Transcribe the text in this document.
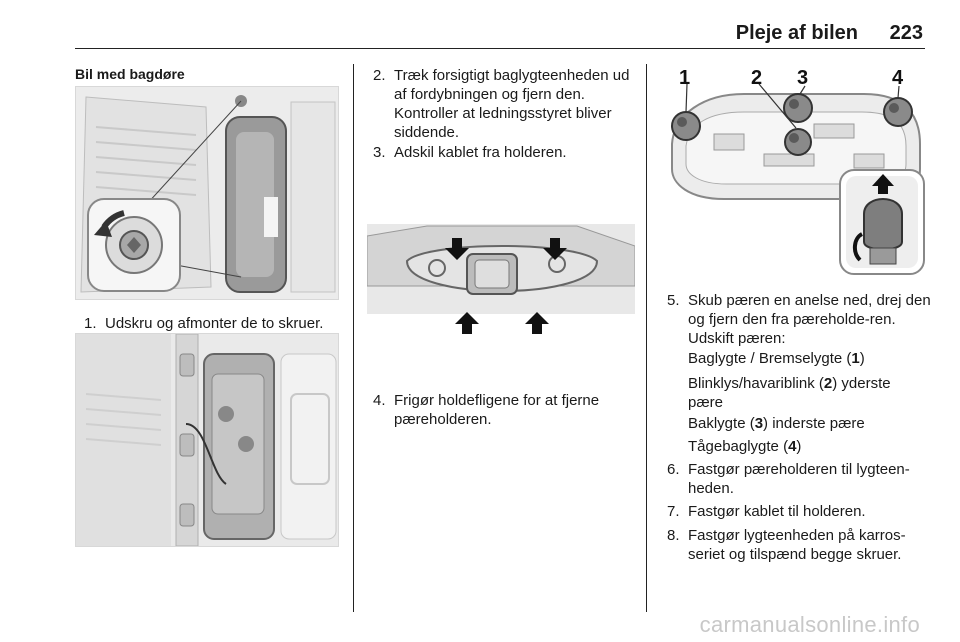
Pleje af bilen 223
Bil med bagdøre
1. Udskru og afmonter de to skruer.
2. Træk forsigtigt baglygteenheden ud af fordybningen og fjern den. Kontroller at ledningsstyret bliver siddende.
3. Adskil kablet fra holderen.
4. Frigør holdefligene for at fjerne pæreholderen.
1	2 3	4
5. Skub pæren en anelse ned, drej den og fjern den fra pæreholde-ren. Udskift pæren:
Baglygte / Bremselygte (1)
Blinklys/havariblink (2) yderste pære
Baklygte (3) inderste pære
Tågebaglygte (4)
6. Fastgør pæreholderen til lygteen-heden.
7. Fastgør kablet til holderen.
8. Fastgør lygteenheden på karros-seriet og tilspænd begge skruer.
carmanualsonline.info
